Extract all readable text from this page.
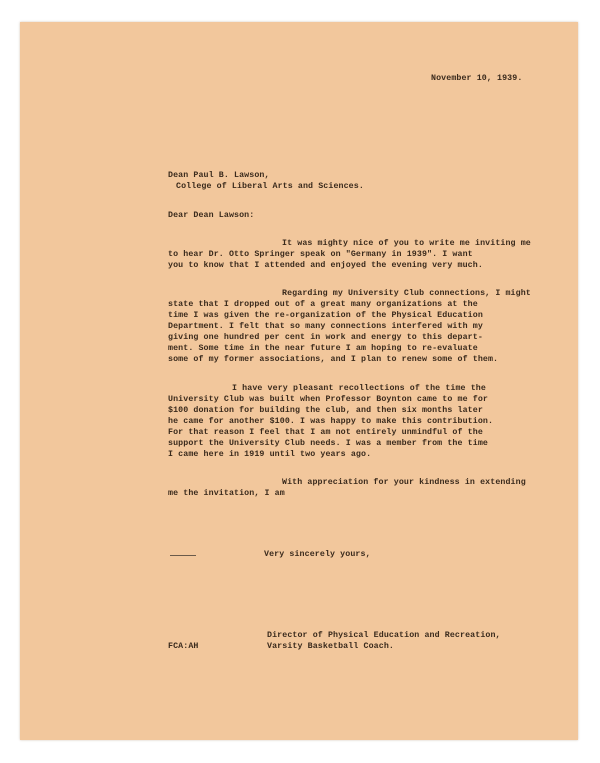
November 10, 1939.
Dean Paul B. Lawson,
College of Liberal Arts and Sciences.
Dear Dean Lawson:
It was mighty nice of you to write me inviting me
to hear Dr. Otto Springer speak on "Germany in 1939". I want
you to know that I attended and enjoyed the evening very much.
Regarding my University Club connections, I might
state that I dropped out of a great many organizations at the
time I was given the re-organization of the Physical Education
Department. I felt that so many connections interfered with my
giving one hundred per cent in work and energy to this depart-
ment. Some time in the near future I am hoping to re-evaluate
some of my former associations, and I plan to renew some of them.
I have very pleasant recollections of the time the
University Club was built when Professor Boynton came to me for
$100 donation for building the club, and then six months later
he came for another $100. I was happy to make this contribution.
For that reason I feel that I am not entirely unmindful of the
support the University Club needs. I was a member from the time
I came here in 1919 until two years ago.
With appreciation for your kindness in extending
me the invitation, I am
Very sincerely yours,
Director of Physical Education and Recreation,
Varsity Basketball Coach.
FCA:AH
